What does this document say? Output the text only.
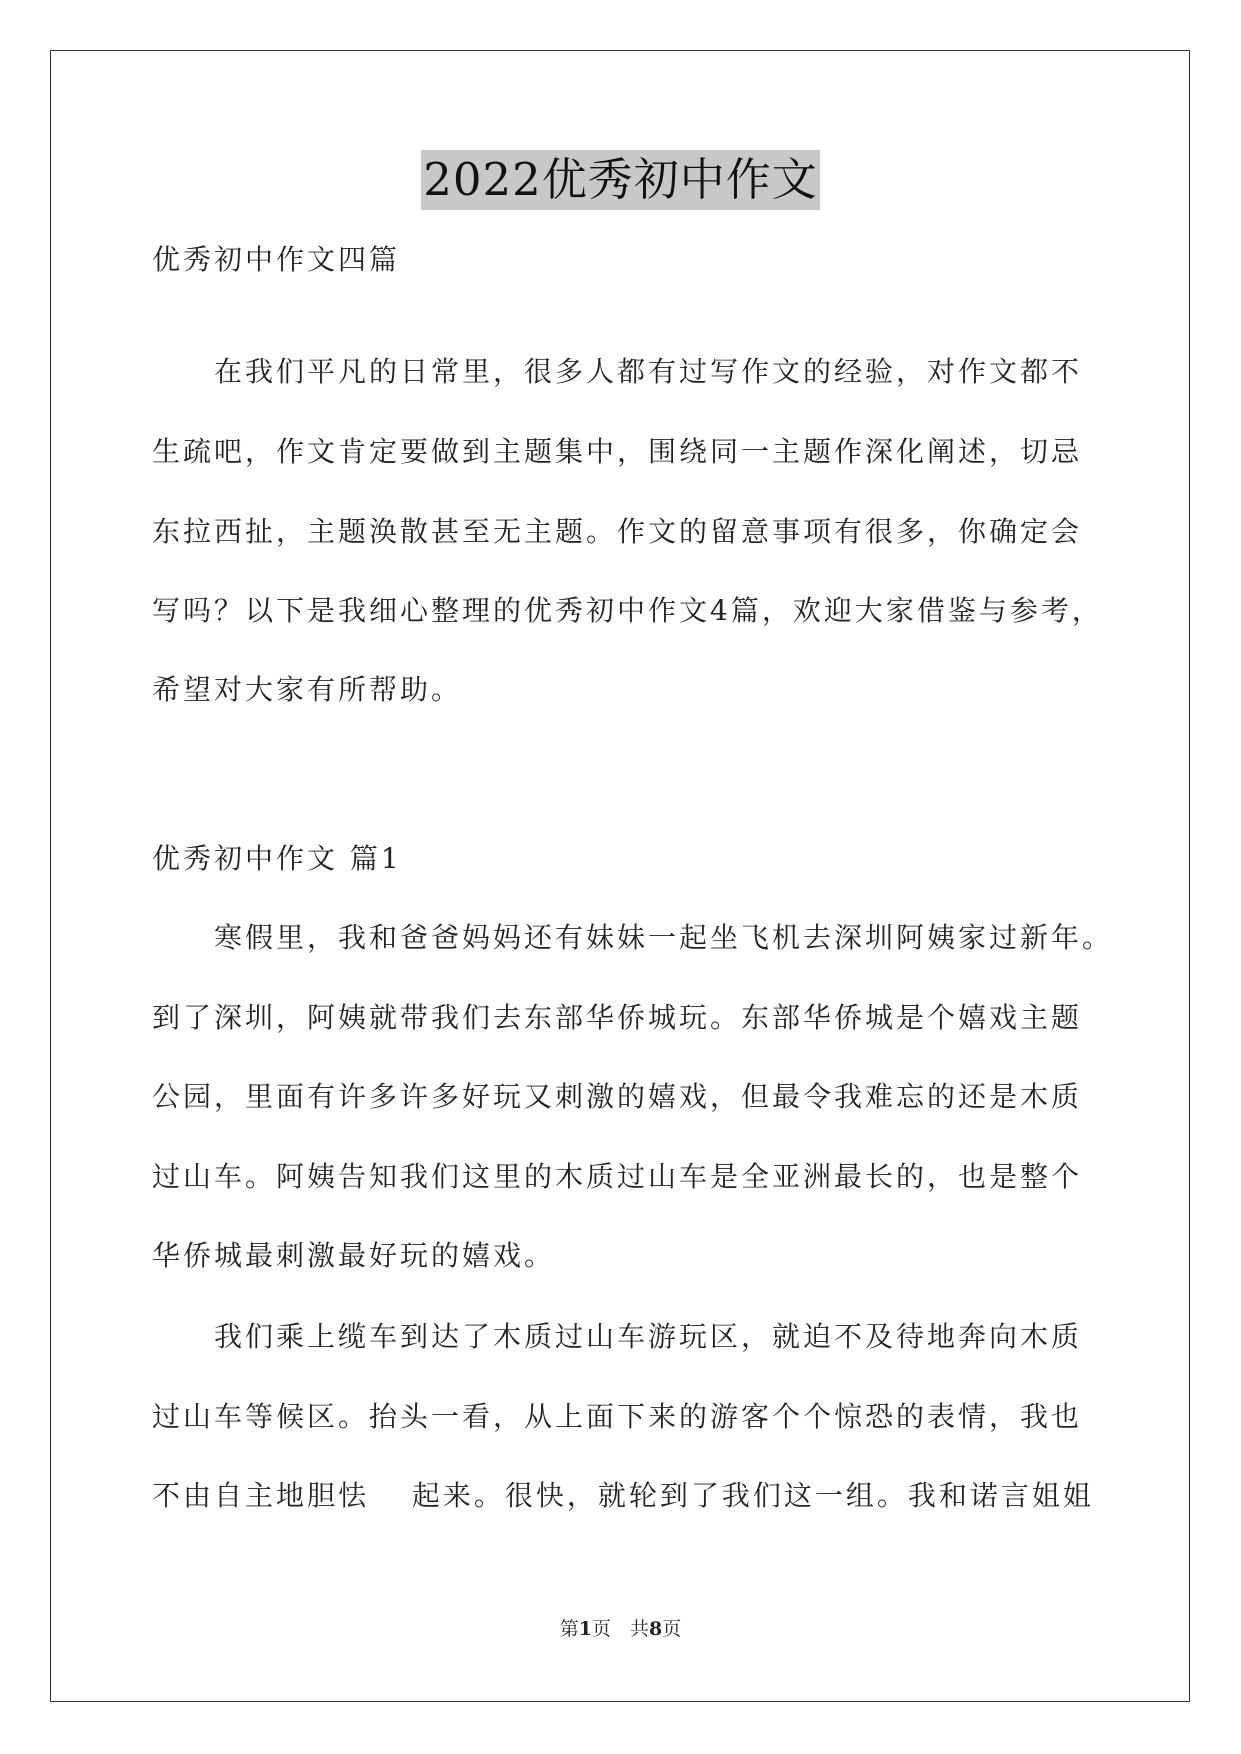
2022优秀初中作文
优秀初中作文四篇
　　在我们平凡的日常里，很多人都有过写作文的经验，对作文都不
生疏吧，作文肯定要做到主题集中，围绕同一主题作深化阐述，切忌
东拉西扯，主题涣散甚至无主题。作文的留意事项有很多，你确定会
写吗？以下是我细心整理的优秀初中作文4篇，欢迎大家借鉴与参考，
希望对大家有所帮助。
优秀初中作文 篇1
　　寒假里，我和爸爸妈妈还有妹妹一起坐飞机去深圳阿姨家过新年。
到了深圳，阿姨就带我们去东部华侨城玩。东部华侨城是个嬉戏主题
公园，里面有许多许多好玩又刺激的嬉戏，但最令我难忘的还是木质
过山车。阿姨告知我们这里的木质过山车是全亚洲最长的，也是整个
华侨城最刺激最好玩的嬉戏。
　　我们乘上缆车到达了木质过山车游玩区，就迫不及待地奔向木质
过山车等候区。抬头一看，从上面下来的游客个个惊恐的表情，我也
不由自主地胆怯　 起来。很快，就轮到了我们这一组。我和诺言姐姐
第1页　共8页
